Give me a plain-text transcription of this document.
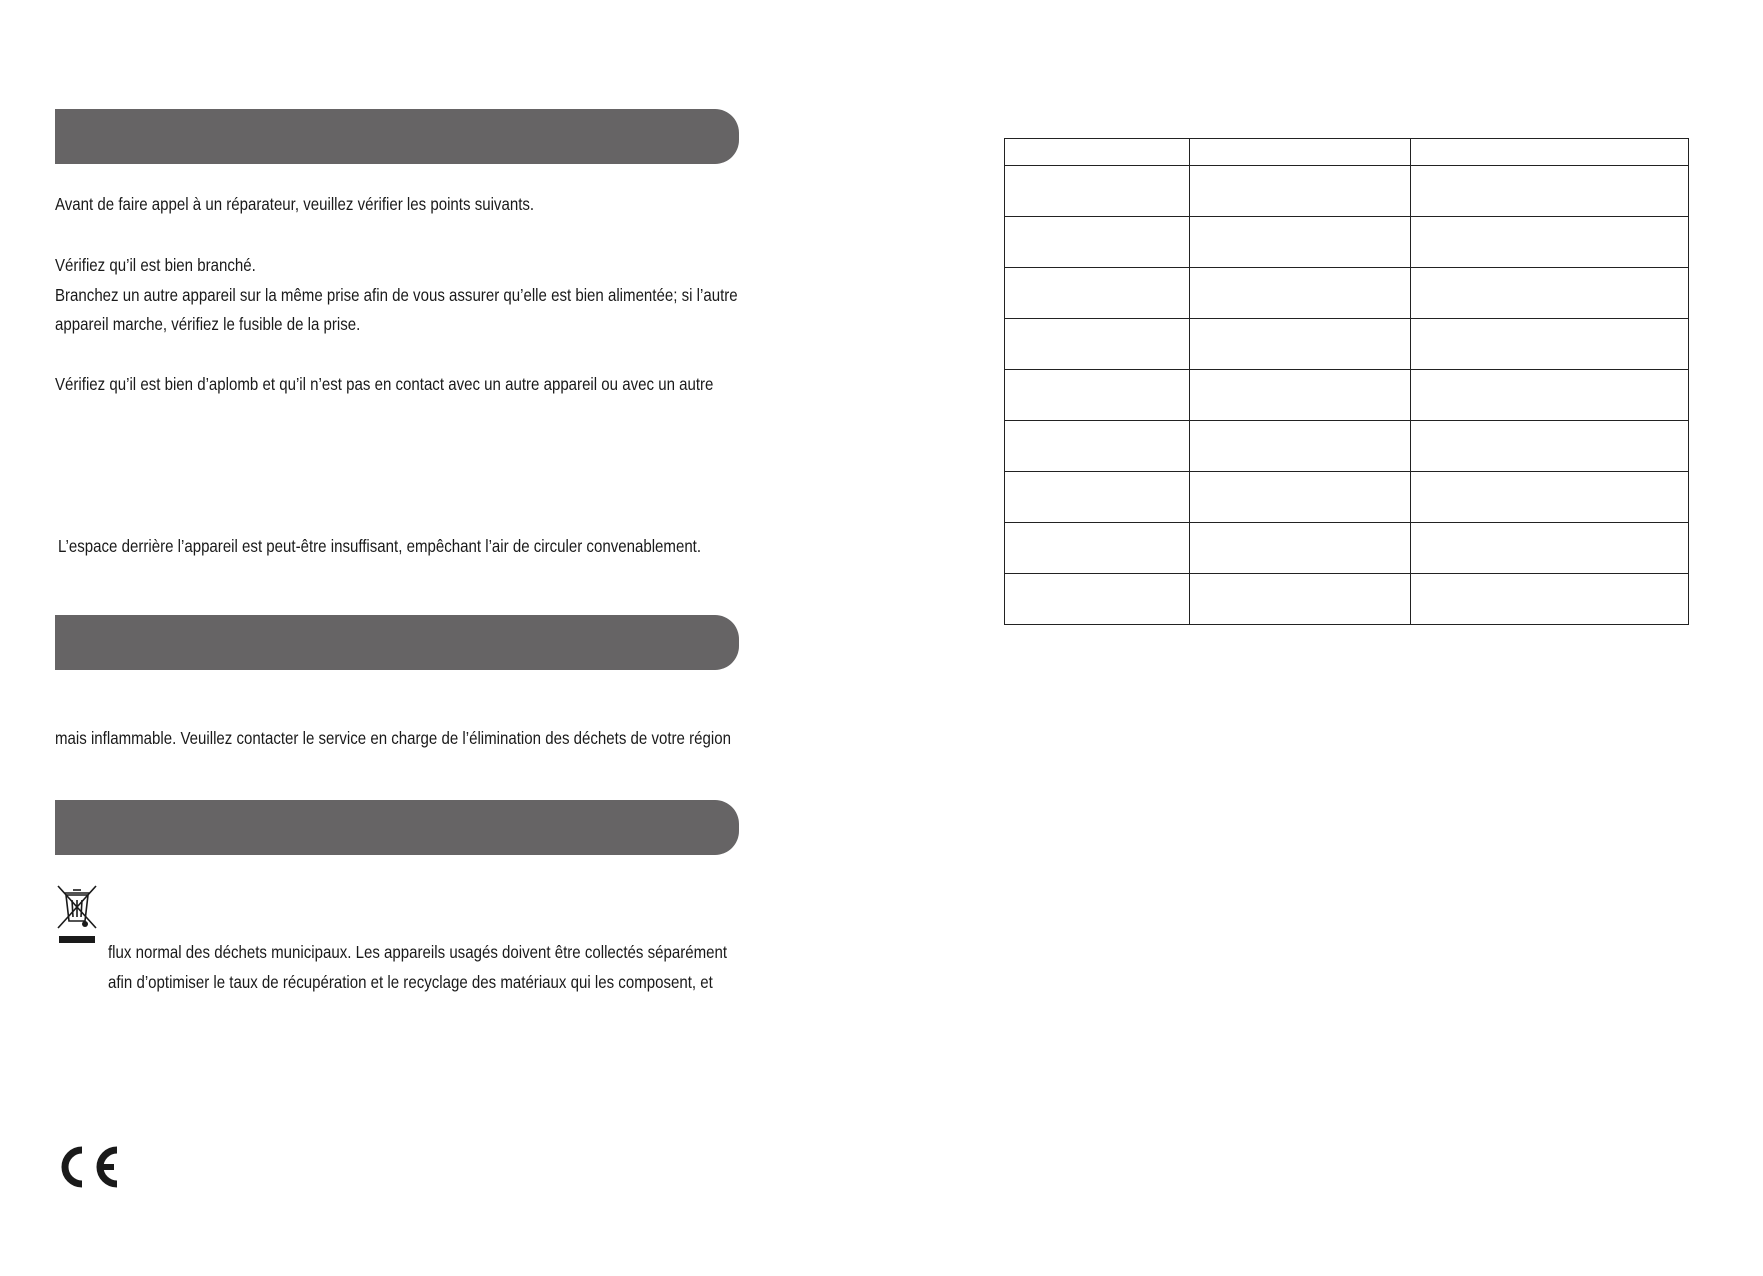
Avant de faire appel à un réparateur, veuillez vérifier les points suivants.
Vérifiez qu’il est bien branché.
Branchez un autre appareil sur la même prise afin de vous assurer qu’elle est bien alimentée; si l’autre
appareil marche, vérifiez le fusible de la prise.
Vérifiez qu’il est bien d’aplomb et qu’il n’est pas en contact avec un autre appareil ou avec un autre
L’espace derrière l’appareil est peut-être insuffisant, empêchant l’air de circuler convenablement.
mais inflammable. Veuillez contacter le service en charge de l’élimination des déchets de votre région
flux normal des déchets municipaux. Les appareils usagés doivent être collectés séparément
afin d’optimiser le taux de récupération et le recyclage des matériaux qui les composent, et
